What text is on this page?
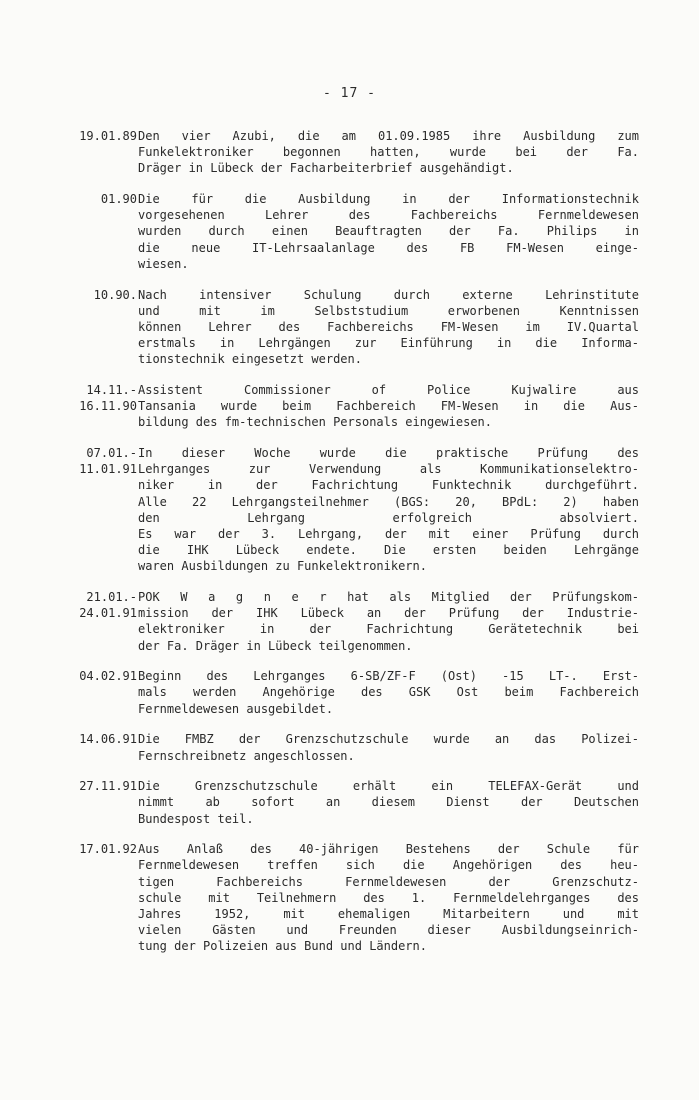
- 17 -
19.01.89 Den vier Azubi, die am 01.09.1985 ihre Ausbildung zum
Funkelektroniker begonnen hatten, wurde bei der Fa.
Dräger in Lübeck der Facharbeiterbrief ausgehändigt.
01.90 Die für die Ausbildung in der Informationstechnik
vorgesehenen Lehrer des Fachbereichs Fernmeldewesen
wurden durch einen Beauftragten der Fa. Philips in
die neue IT-Lehrsaalanlage des FB FM-Wesen einge-
wiesen.
10.90. Nach intensiver Schulung durch externe Lehrinstitute
und mit im Selbststudium erworbenen Kenntnissen
können Lehrer des Fachbereichs FM-Wesen im IV.Quartal
erstmals in Lehrgängen zur Einführung in die Informa-
tionstechnik eingesetzt werden.
14.11.-
16.11.90
Assistent Commissioner of Police Kujwalire aus
Tansania wurde beim Fachbereich FM-Wesen in die Aus-
bildung des fm-technischen Personals eingewiesen.
07.01.-
11.01.91
In dieser Woche wurde die praktische Prüfung des
Lehrganges zur Verwendung als Kommunikationselektro-
niker in der Fachrichtung Funktechnik durchgeführt.
Alle 22 Lehrgangsteilnehmer (BGS: 20, BPdL: 2) haben
den Lehrgang erfolgreich absolviert.
Es war der 3. Lehrgang, der mit einer Prüfung durch
die IHK Lübeck endete. Die ersten beiden Lehrgänge
waren Ausbildungen zu Funkelektronikern.
21.01.-
24.01.91
POK W a g n e r hat als Mitglied der Prüfungskom-
mission der IHK Lübeck an der Prüfung der Industrie-
elektroniker in der Fachrichtung Gerätetechnik bei
der Fa. Dräger in Lübeck teilgenommen.
04.02.91 Beginn des Lehrganges 6-SB/ZF-F (Ost) -15 LT-. Erst-
mals werden Angehörige des GSK Ost beim Fachbereich
Fernmeldewesen ausgebildet.
14.06.91 Die FMBZ der Grenzschutzschule wurde an das Polizei-
Fernschreibnetz angeschlossen.
27.11.91 Die Grenzschutzschule erhält ein TELEFAX-Gerät und
nimmt ab sofort an diesem Dienst der Deutschen
Bundespost teil.
17.01.92 Aus Anlaß des 40-jährigen Bestehens der Schule für
Fernmeldewesen treffen sich die Angehörigen des heu-
tigen Fachbereichs Fernmeldewesen der Grenzschutz-
schule mit Teilnehmern des 1. Fernmeldelehrganges des
Jahres 1952, mit ehemaligen Mitarbeitern und mit
vielen Gästen und Freunden dieser Ausbildungseinrich-
tung der Polizeien aus Bund und Ländern.
